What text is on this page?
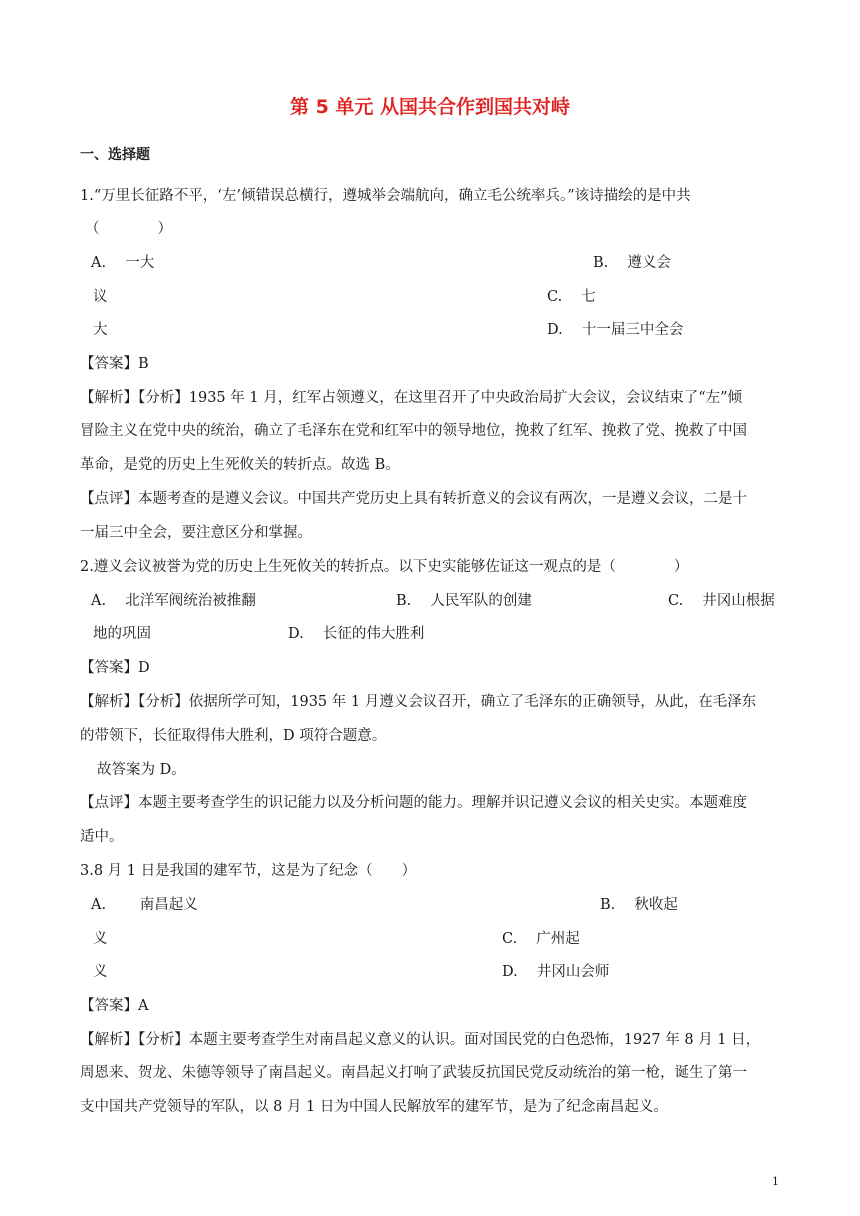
第 5 单元 从国共合作到国共对峙
一、选择题
1.“万里长征路不平，‘左’倾错误总横行，遵城举会端航向，确立毛公统率兵。”该诗描绘的是中共
（　　　　）
A.　 一大	B.　 遵义会
议	C.　 七
大	D.　 十一届三中全会
【答案】B
【解析】【分析】1935 年 1 月，红军占领遵义，在这里召开了中央政治局扩大会议，会议结束了“左”倾
冒险主义在党中央的统治，确立了毛泽东在党和红军中的领导地位，挽救了红军、挽救了党、挽救了中国
革命，是党的历史上生死攸关的转折点。故选 B。
【点评】本题考查的是遵义会议。中国共产党历史上具有转折意义的会议有两次，一是遵义会议，二是十
一届三中全会，要注意区分和掌握。
2.遵义会议被誉为党的历史上生死攸关的转折点。以下史实能够佐证这一观点的是（　　　　）
A.　 北洋军阀统治被推翻	B.　 人民军队的创建	C.　 井冈山根据
地的巩固	D.　 长征的伟大胜利
【答案】D
【解析】【分析】依据所学可知，1935 年 1 月遵义会议召开，确立了毛泽东的正确领导，从此，在毛泽东
的带领下，长征取得伟大胜利，D 项符合题意。
故答案为 D。
【点评】本题主要考查学生的识记能力以及分析问题的能力。理解并识记遵义会议的相关史实。本题难度
适中。
3.8 月 1 日是我国的建军节，这是为了纪念（　　）
A.　　 南昌起义	B.　 秋收起
义	C.　 广州起
义	D.　 井冈山会师
【答案】A
【解析】【分析】本题主要考查学生对南昌起义意义的认识。面对国民党的白色恐怖，1927 年 8 月 1 日，
周恩来、贺龙、朱德等领导了南昌起义。南昌起义打响了武装反抗国民党反动统治的第一枪，诞生了第一
支中国共产党领导的军队，以 8 月 1 日为中国人民解放军的建军节，是为了纪念南昌起义。
1
